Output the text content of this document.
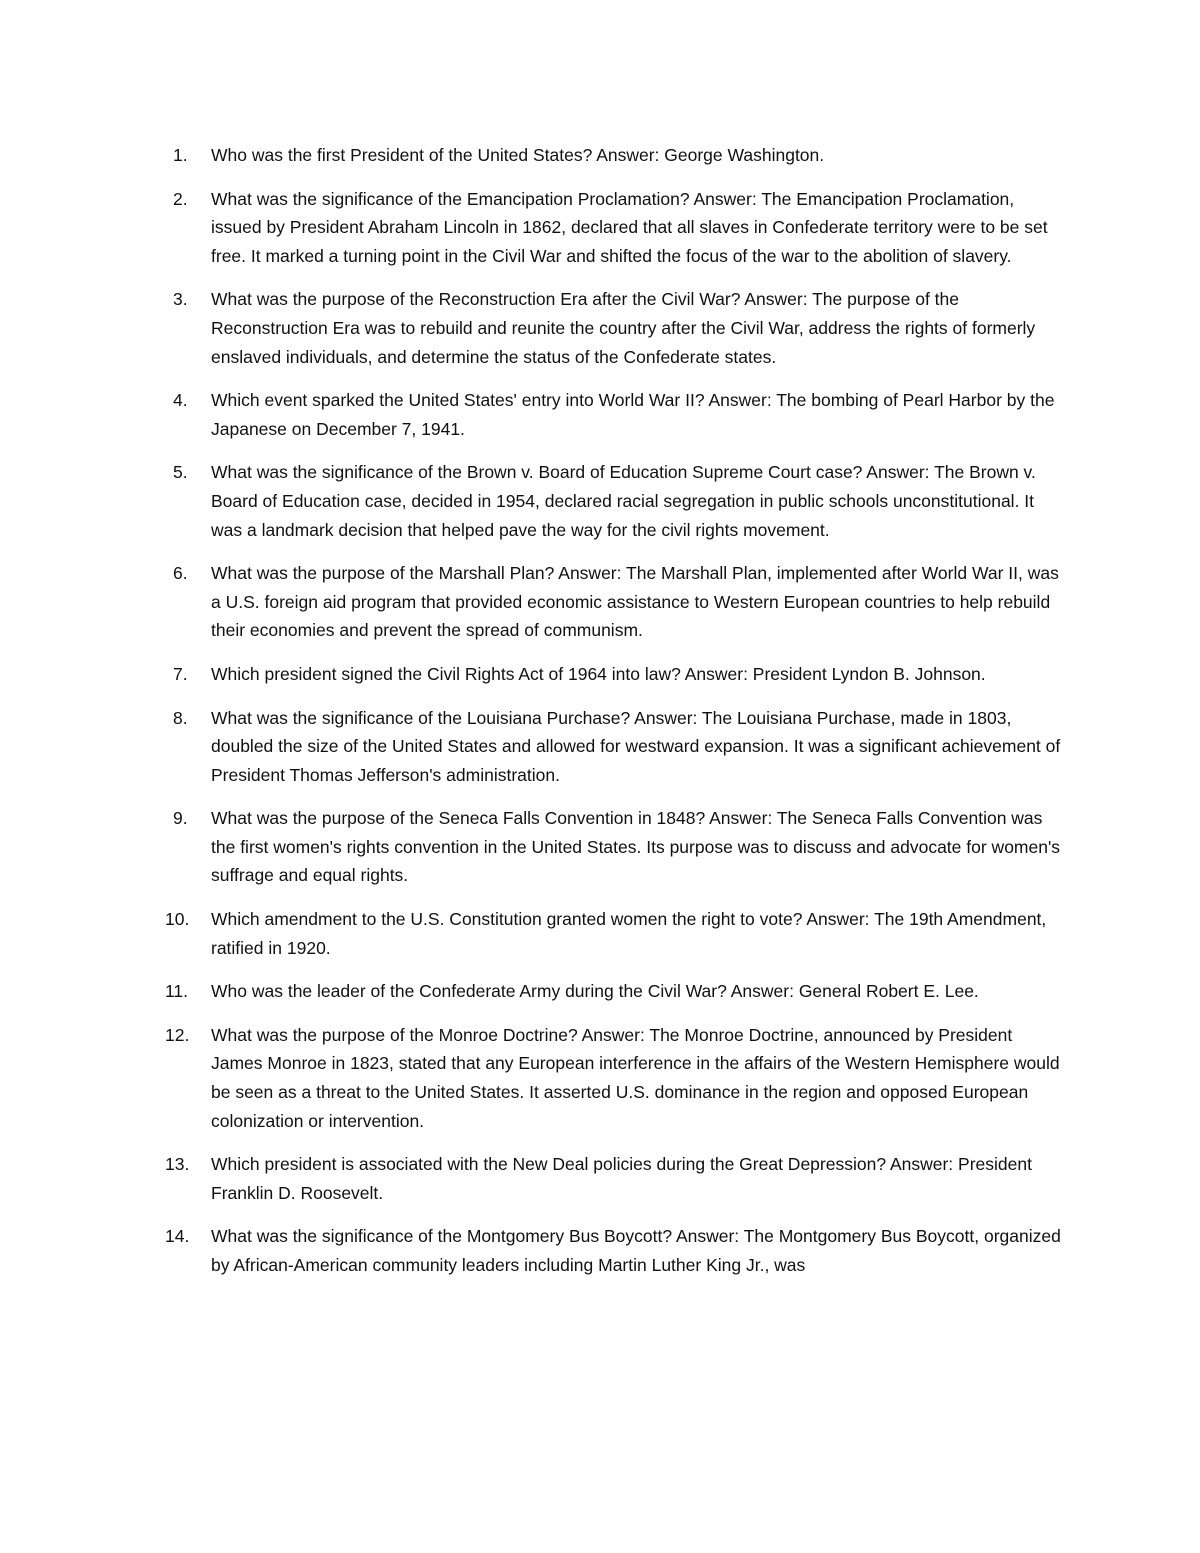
1.	Who was the first President of the United States? Answer: George Washington.
2.	What was the significance of the Emancipation Proclamation? Answer: The Emancipation Proclamation, issued by President Abraham Lincoln in 1862, declared that all slaves in Confederate territory were to be set free. It marked a turning point in the Civil War and shifted the focus of the war to the abolition of slavery.
3.	What was the purpose of the Reconstruction Era after the Civil War? Answer: The purpose of the Reconstruction Era was to rebuild and reunite the country after the Civil War, address the rights of formerly enslaved individuals, and determine the status of the Confederate states.
4.	Which event sparked the United States' entry into World War II? Answer: The bombing of Pearl Harbor by the Japanese on December 7, 1941.
5.	What was the significance of the Brown v. Board of Education Supreme Court case? Answer: The Brown v. Board of Education case, decided in 1954, declared racial segregation in public schools unconstitutional. It was a landmark decision that helped pave the way for the civil rights movement.
6.	What was the purpose of the Marshall Plan? Answer: The Marshall Plan, implemented after World War II, was a U.S. foreign aid program that provided economic assistance to Western European countries to help rebuild their economies and prevent the spread of communism.
7.	Which president signed the Civil Rights Act of 1964 into law? Answer: President Lyndon B. Johnson.
8.	What was the significance of the Louisiana Purchase? Answer: The Louisiana Purchase, made in 1803, doubled the size of the United States and allowed for westward expansion. It was a significant achievement of President Thomas Jefferson's administration.
9.	What was the purpose of the Seneca Falls Convention in 1848? Answer: The Seneca Falls Convention was the first women's rights convention in the United States. Its purpose was to discuss and advocate for women's suffrage and equal rights.
10.	Which amendment to the U.S. Constitution granted women the right to vote? Answer: The 19th Amendment, ratified in 1920.
11.	Who was the leader of the Confederate Army during the Civil War? Answer: General Robert E. Lee.
12.	What was the purpose of the Monroe Doctrine? Answer: The Monroe Doctrine, announced by President James Monroe in 1823, stated that any European interference in the affairs of the Western Hemisphere would be seen as a threat to the United States. It asserted U.S. dominance in the region and opposed European colonization or intervention.
13.	Which president is associated with the New Deal policies during the Great Depression? Answer: President Franklin D. Roosevelt.
14.	What was the significance of the Montgomery Bus Boycott? Answer: The Montgomery Bus Boycott, organized by African-American community leaders including Martin Luther King Jr., was
